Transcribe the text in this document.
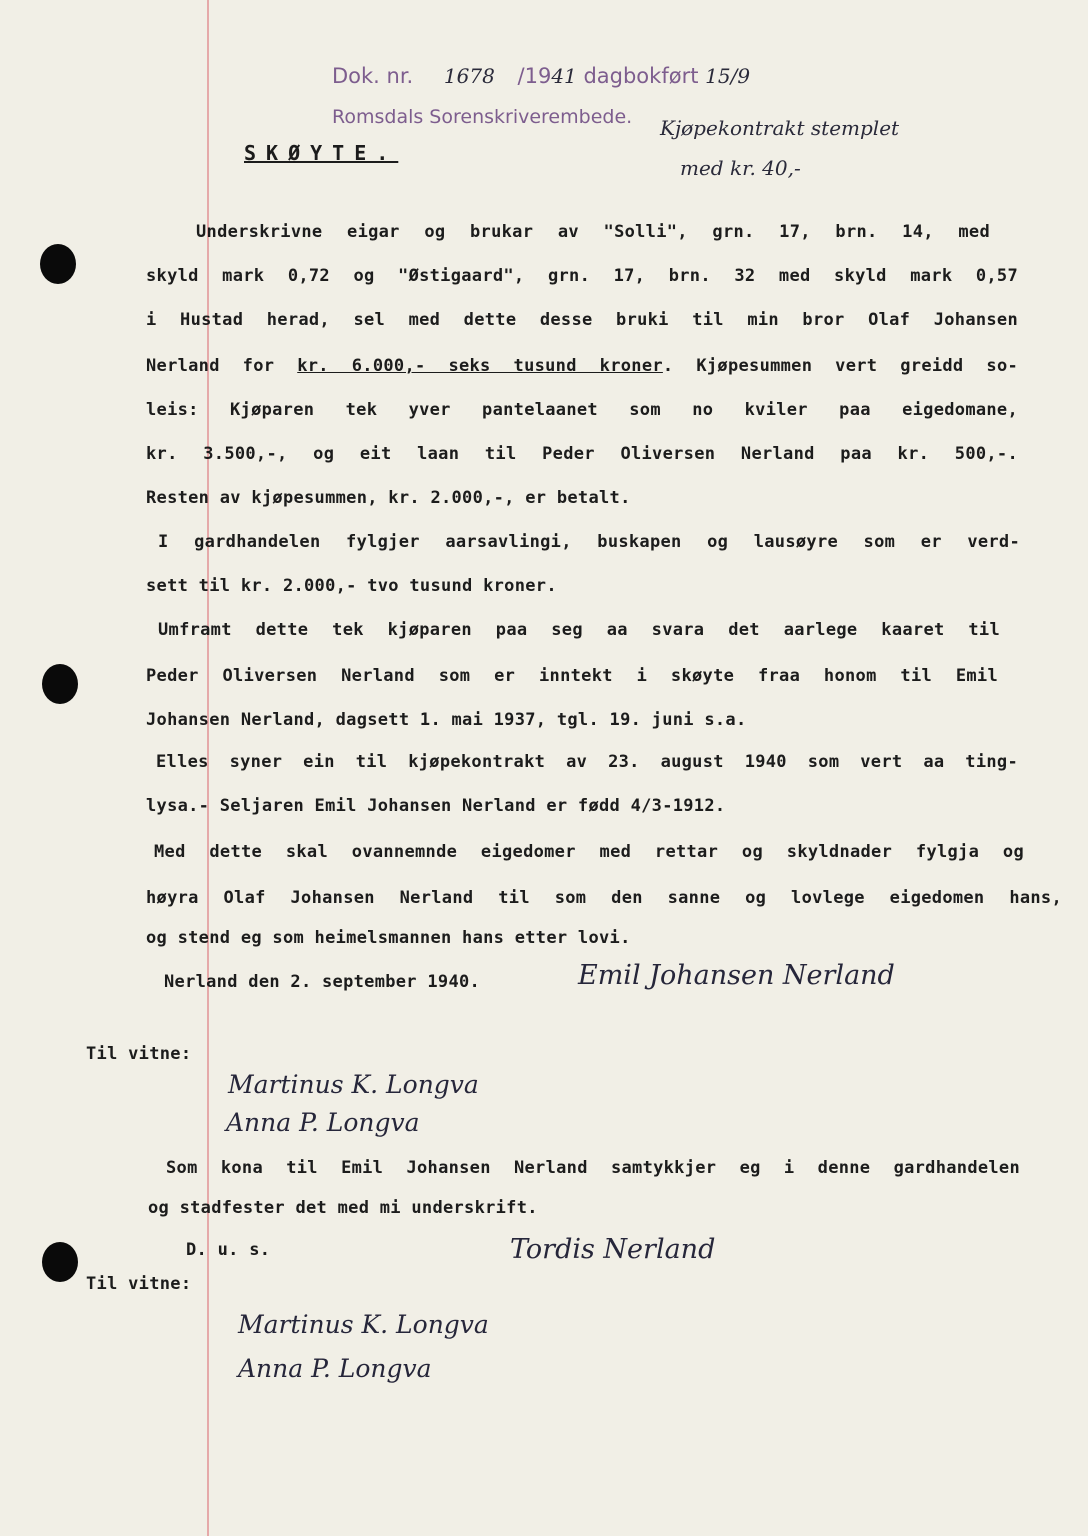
Dok. nr. 1678 /1941 dagbokført 15/9
Romsdals Sorenskriverembede. Kjøpekontrakt stemplet
med kr. 40,-
SKØYTE.
Underskrivne eigar og brukar av "Solli", grn. 17, brn. 14, med
skyld mark 0,72 og "Østigaard", grn. 17, brn. 32 med skyld mark 0,57
i Hustad herad, sel med dette desse bruki til min bror Olaf Johansen
Nerland for kr. 6.000,- seks tusund kroner. Kjøpesummen vert greidd so-
leis: Kjøparen tek yver pantelaanet som no kviler paa eigedomane,
kr. 3.500,-, og eit laan til Peder Oliversen Nerland paa kr. 500,-.
Resten av kjøpesummen, kr. 2.000,-, er betalt.
I gardhandelen fylgjer aarsavlingi, buskapen og lausøyre som er verd-
sett til kr. 2.000,- tvo tusund kroner.
Umframt dette tek kjøparen paa seg aa svara det aarlege kaaret til
Peder Oliversen Nerland som er inntekt i skøyte fraa honom til Emil
Johansen Nerland, dagsett 1. mai 1937, tgl. 19. juni s.a.
Elles syner ein til kjøpekontrakt av 23. august 1940 som vert aa ting-
lysa.- Seljaren Emil Johansen Nerland er fødd 4/3-1912.
Med dette skal ovannemnde eigedomer med rettar og skyldnader fylgja og
høyra Olaf Johansen Nerland til som den sanne og lovlege eigedomen hans,
og stend eg som heimelsmannen hans etter lovi.
Nerland den 2. september 1940.	Emil Johansen Nerland
Til vitne:
Martinus K. Longva
Anna P. Longva
Som kona til Emil Johansen Nerland samtykkjer eg i denne gardhandelen
og stadfester det med mi underskrift.
D. u. s.	Tordis Nerland
Til vitne:
Martinus K. Longva
Anna P. Longva
